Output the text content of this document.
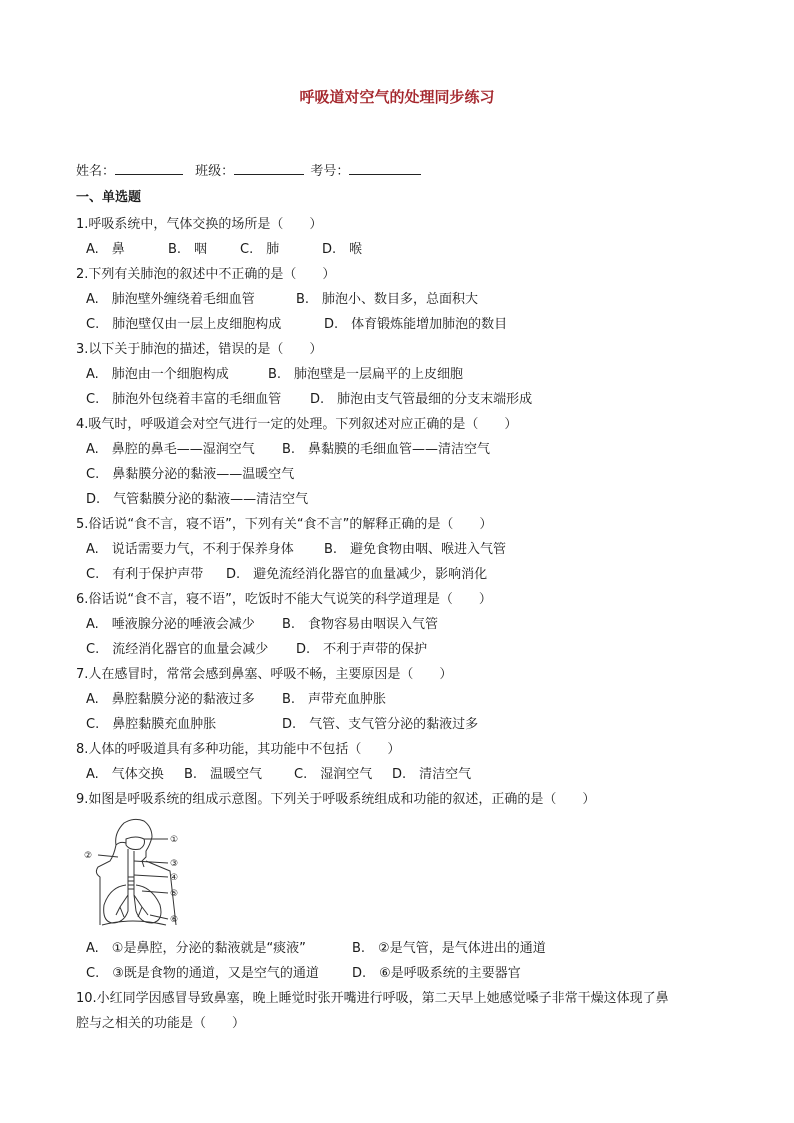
呼吸道对空气的处理同步练习
姓名：	班级：	考号：
一、单选题
1.呼吸系统中，气体交换的场所是（　　）
A.　鼻	B.　咽	C.　肺	D.　喉
2.下列有关肺泡的叙述中不正确的是（　　）
A.　肺泡壁外缠绕着毛细血管	B.　肺泡小、数目多，总面积大
C.　肺泡壁仅由一层上皮细胞构成	D.　体育锻炼能增加肺泡的数目
3.以下关于肺泡的描述，错误的是（　　）
A.　肺泡由一个细胞构成	B.　肺泡壁是一层扁平的上皮细胞
C.　肺泡外包绕着丰富的毛细血管 D.　肺泡由支气管最细的分支末端形成
4.吸气时，呼吸道会对空气进行一定的处理。下列叙述对应正确的是（　　）
A.　鼻腔的鼻毛——湿润空气 B.　鼻黏膜的毛细血管——清洁空气
C.　鼻黏膜分泌的黏液——温暖空气
D.　气管黏膜分泌的黏液——清洁空气
5.俗话说“食不言，寝不语”，下列有关“食不言”的解释正确的是（　　）
A.　说话需要力气，不利于保养身体 B.　避免食物由咽、喉进入气管
C.　有利于保护声带 D.　避免流经消化器官的血量减少，影响消化
6.俗话说“食不言，寝不语”，吃饭时不能大气说笑的科学道理是（　　）
A.　唾液腺分泌的唾液会减少 B.　食物容易由咽误入气管
C.　流经消化器官的血量会减少 D.　不利于声带的保护
7.人在感冒时，常常会感到鼻塞、呼吸不畅，主要原因是（　　）
A.　鼻腔黏膜分泌的黏液过多 B.　声带充血肿胀
C.　鼻腔黏膜充血肿胀	D.　气管、支气管分泌的黏液过多
8.人体的呼吸道具有多种功能，其功能中不包括（　　）
A.　气体交换 B.　温暖空气 C.　湿润空气 D.　清洁空气
9.如图是呼吸系统的组成示意图。下列关于呼吸系统组成和功能的叙述，正确的是（　　）
①
②
③
④
⑤
⑥
A.　①是鼻腔，分泌的黏液就是“痰液”	B.　②是气管，是气体进出的通道
C.　③既是食物的通道，又是空气的通道	D.　⑥是呼吸系统的主要器官
10.小红同学因感冒导致鼻塞，晚上睡觉时张开嘴进行呼吸，第二天早上她感觉嗓子非常干燥这体现了鼻
腔与之相关的功能是（　　）
